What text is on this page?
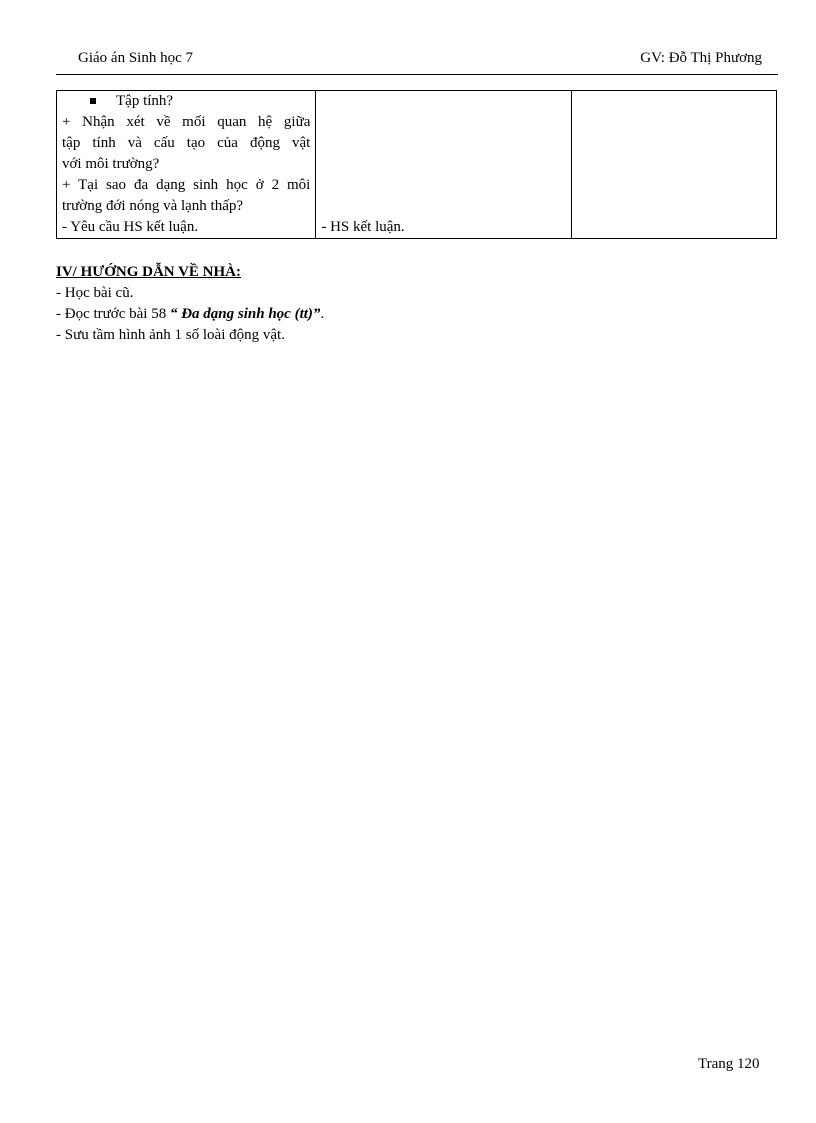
Giáo án Sinh học 7	GV: Đỗ Thị Phương
Tập tính?
+ Nhận xét về mối quan hệ giữa
tập tính và cấu tạo của động vật
với môi trường?
+ Tại sao đa dạng sinh học ở 2 môi
trường đới nóng và lạnh thấp?
- Yêu cầu HS kết luận.	- HS kết luận.

IV/ HƯỚNG DẪN VỀ NHÀ:
- Học bài cũ.
- Đọc trước bài 58 “ Đa dạng sinh học (tt)”.
- Sưu tầm hình ảnh 1 số loài động vật.
Trang 120
